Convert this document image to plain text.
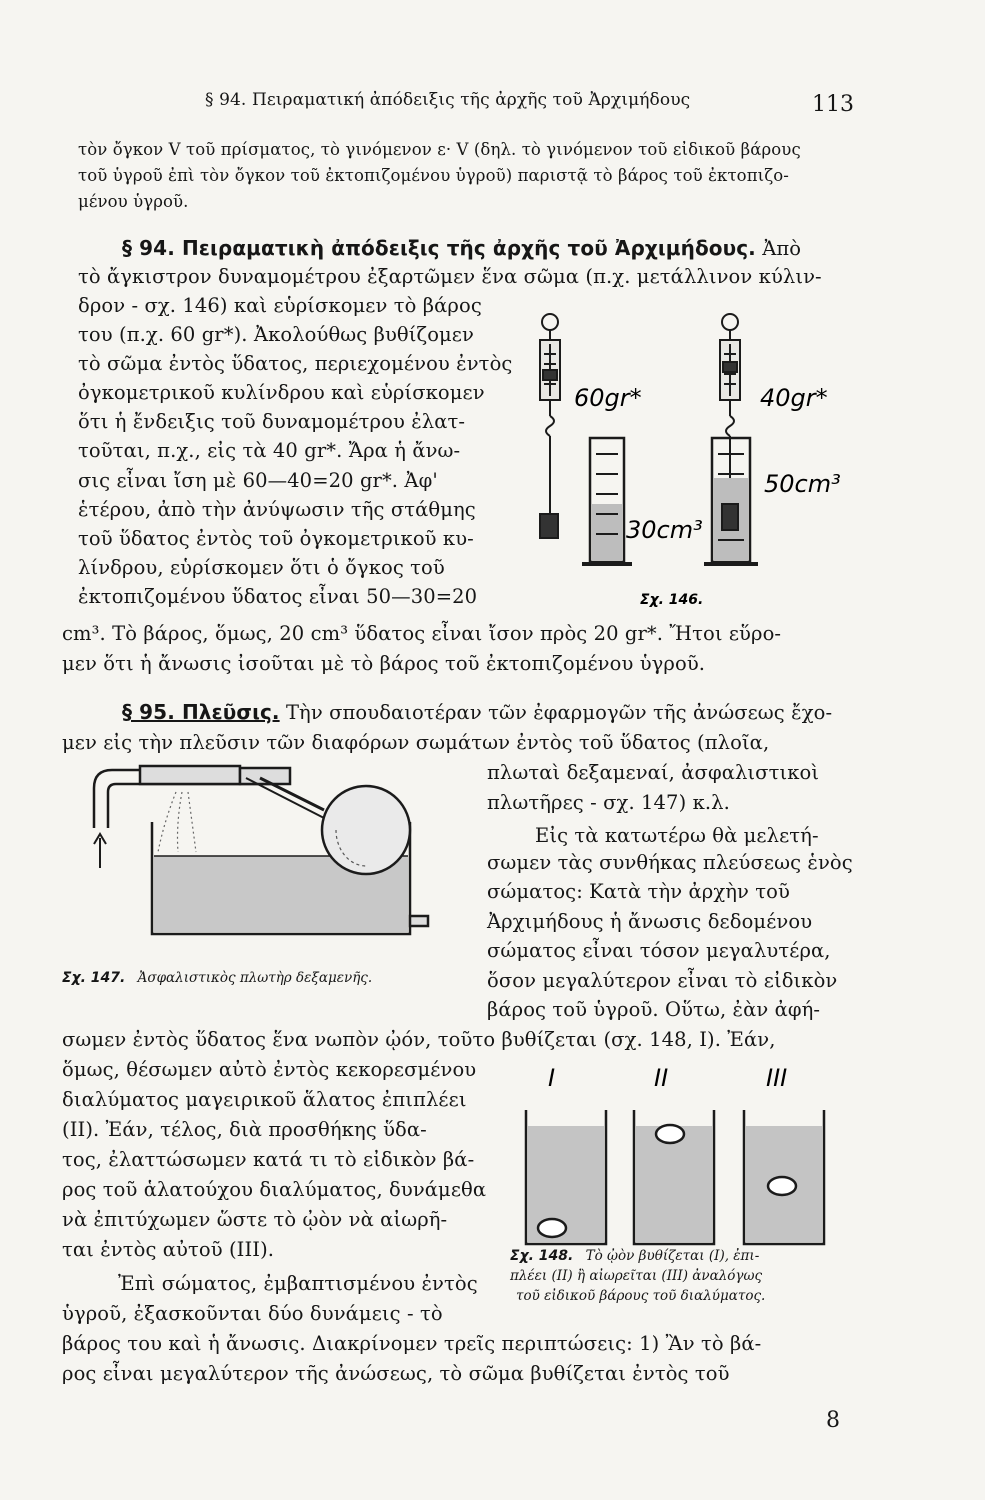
§ 94. Πειραματική ἀπόδειξις τῆς ἀρχῆς τοῦ Ἀρχιμήδους	113
τὸν ὄγκον V τοῦ πρίσματος, τὸ γινόμενον ε· V (δηλ. τὸ γινόμενον τοῦ εἰδικοῦ βάρους
τοῦ ὑγροῦ ἐπὶ τὸν ὄγκον τοῦ ἐκτοπιζομένου ὑγροῦ) παριστᾷ τὸ βάρος τοῦ ἐκτοπιζο-
μένου ὑγροῦ.
§ 94. Πειραματικὴ ἀπόδειξις τῆς ἀρχῆς τοῦ Ἀρχιμήδους. Ἀπὸ
τὸ ἄγκιστρον δυναμομέτρου ἐξαρτῶμεν ἕνα σῶμα (π.χ. μετάλλινον κύλιν-
δρον - σχ. 146) καὶ εὑρίσκομεν τὸ βάρος
του (π.χ. 60 gr*). Ἀκολούθως βυθίζομεν
τὸ σῶμα ἐντὸς ὕδατος, περιεχομένου ἐντὸς
ὀγκομετρικοῦ κυλίνδρου καὶ εὑρίσκομεν
ὅτι ἡ ἔνδειξις τοῦ δυναμομέτρου ἐλατ-
τοῦται, π.χ., εἰς τὰ 40 gr*. Ἄρα ἡ ἄνω-
σις εἶναι ἴση μὲ 60—40=20 gr*. Ἀφ'
ἑτέρου, ἀπὸ τὴν ἀνύψωσιν τῆς στάθμης
τοῦ ὕδατος ἐντὸς τοῦ ὀγκομετρικοῦ κυ-
λίνδρου, εὑρίσκομεν ὅτι ὁ ὄγκος τοῦ
ἐκτοπιζομένου ὕδατος εἶναι 50—30=20
cm³. Τὸ βάρος, ὅμως, 20 cm³ ὕδατος εἶναι ἴσον πρὸς 20 gr*. Ἤτοι εὕρο-
μεν ὅτι ἡ ἄνωσις ἰσοῦται μὲ τὸ βάρος τοῦ ἐκτοπιζομένου ὑγροῦ.
60gr*	40gr*
30cm³
50cm³
Σχ. 146.
§ 95. Πλεῦσις. Τὴν σπουδαιοτέραν τῶν ἐφαρμογῶν τῆς ἀνώσεως ἔχο-
μεν εἰς τὴν πλεῦσιν τῶν διαφόρων σωμάτων ἐντὸς τοῦ ὕδατος (πλοῖα,
πλωταὶ δεξαμεναί, ἀσφαλιστικοὶ
πλωτῆρες - σχ. 147) κ.λ.
Εἰς τὰ κατωτέρω θὰ μελετή-
σωμεν τὰς συνθήκας πλεύσεως ἑνὸς
σώματος: Κατὰ τὴν ἀρχὴν τοῦ
Ἀρχιμήδους ἡ ἄνωσις δεδομένου
σώματος εἶναι τόσον μεγαλυτέρα,
ὅσον μεγαλύτερον εἶναι τὸ εἰδικὸν
βάρος τοῦ ὑγροῦ. Οὕτω, ἐὰν ἀφή-
σωμεν ἐντὸς ὕδατος ἕνα νωπὸν ᾠόν, τοῦτο βυθίζεται (σχ. 148, I). Ἐάν,
ὅμως, θέσωμεν αὐτὸ ἐντὸς κεκορεσμένου
διαλύματος μαγειρικοῦ ἅλατος ἐπιπλέει
(II). Ἐάν, τέλος, διὰ προσθήκης ὕδα-
τος, ἐλαττώσωμεν κατά τι τὸ εἰδικὸν βά-
ρος τοῦ ἁλατούχου διαλύματος, δυνάμεθα
νὰ ἐπιτύχωμεν ὥστε τὸ ᾠὸν νὰ αἰωρῆ-
ται ἐντὸς αὐτοῦ (III).
Ἐπὶ σώματος, ἐμβαπτισμένου ἐντὸς
ὑγροῦ, ἐξασκοῦνται δύο δυνάμεις - τὸ
βάρος του καὶ ἡ ἄνωσις. Διακρίνομεν τρεῖς περιπτώσεις: 1) Ἂν τὸ βά-
ρος εἶναι μεγαλύτερον τῆς ἀνώσεως, τὸ σῶμα βυθίζεται ἐντὸς τοῦ
Σχ. 147. Ἀσφαλιστικὸς πλωτὴρ δεξαμενῆς.
I	II	III
Σχ. 148. Τὸ ᾠὸν βυθίζεται (I), ἐπι-
πλέει (II) ἢ αἰωρεῖται (III) ἀναλόγως
τοῦ εἰδικοῦ βάρους τοῦ διαλύματος.
8
